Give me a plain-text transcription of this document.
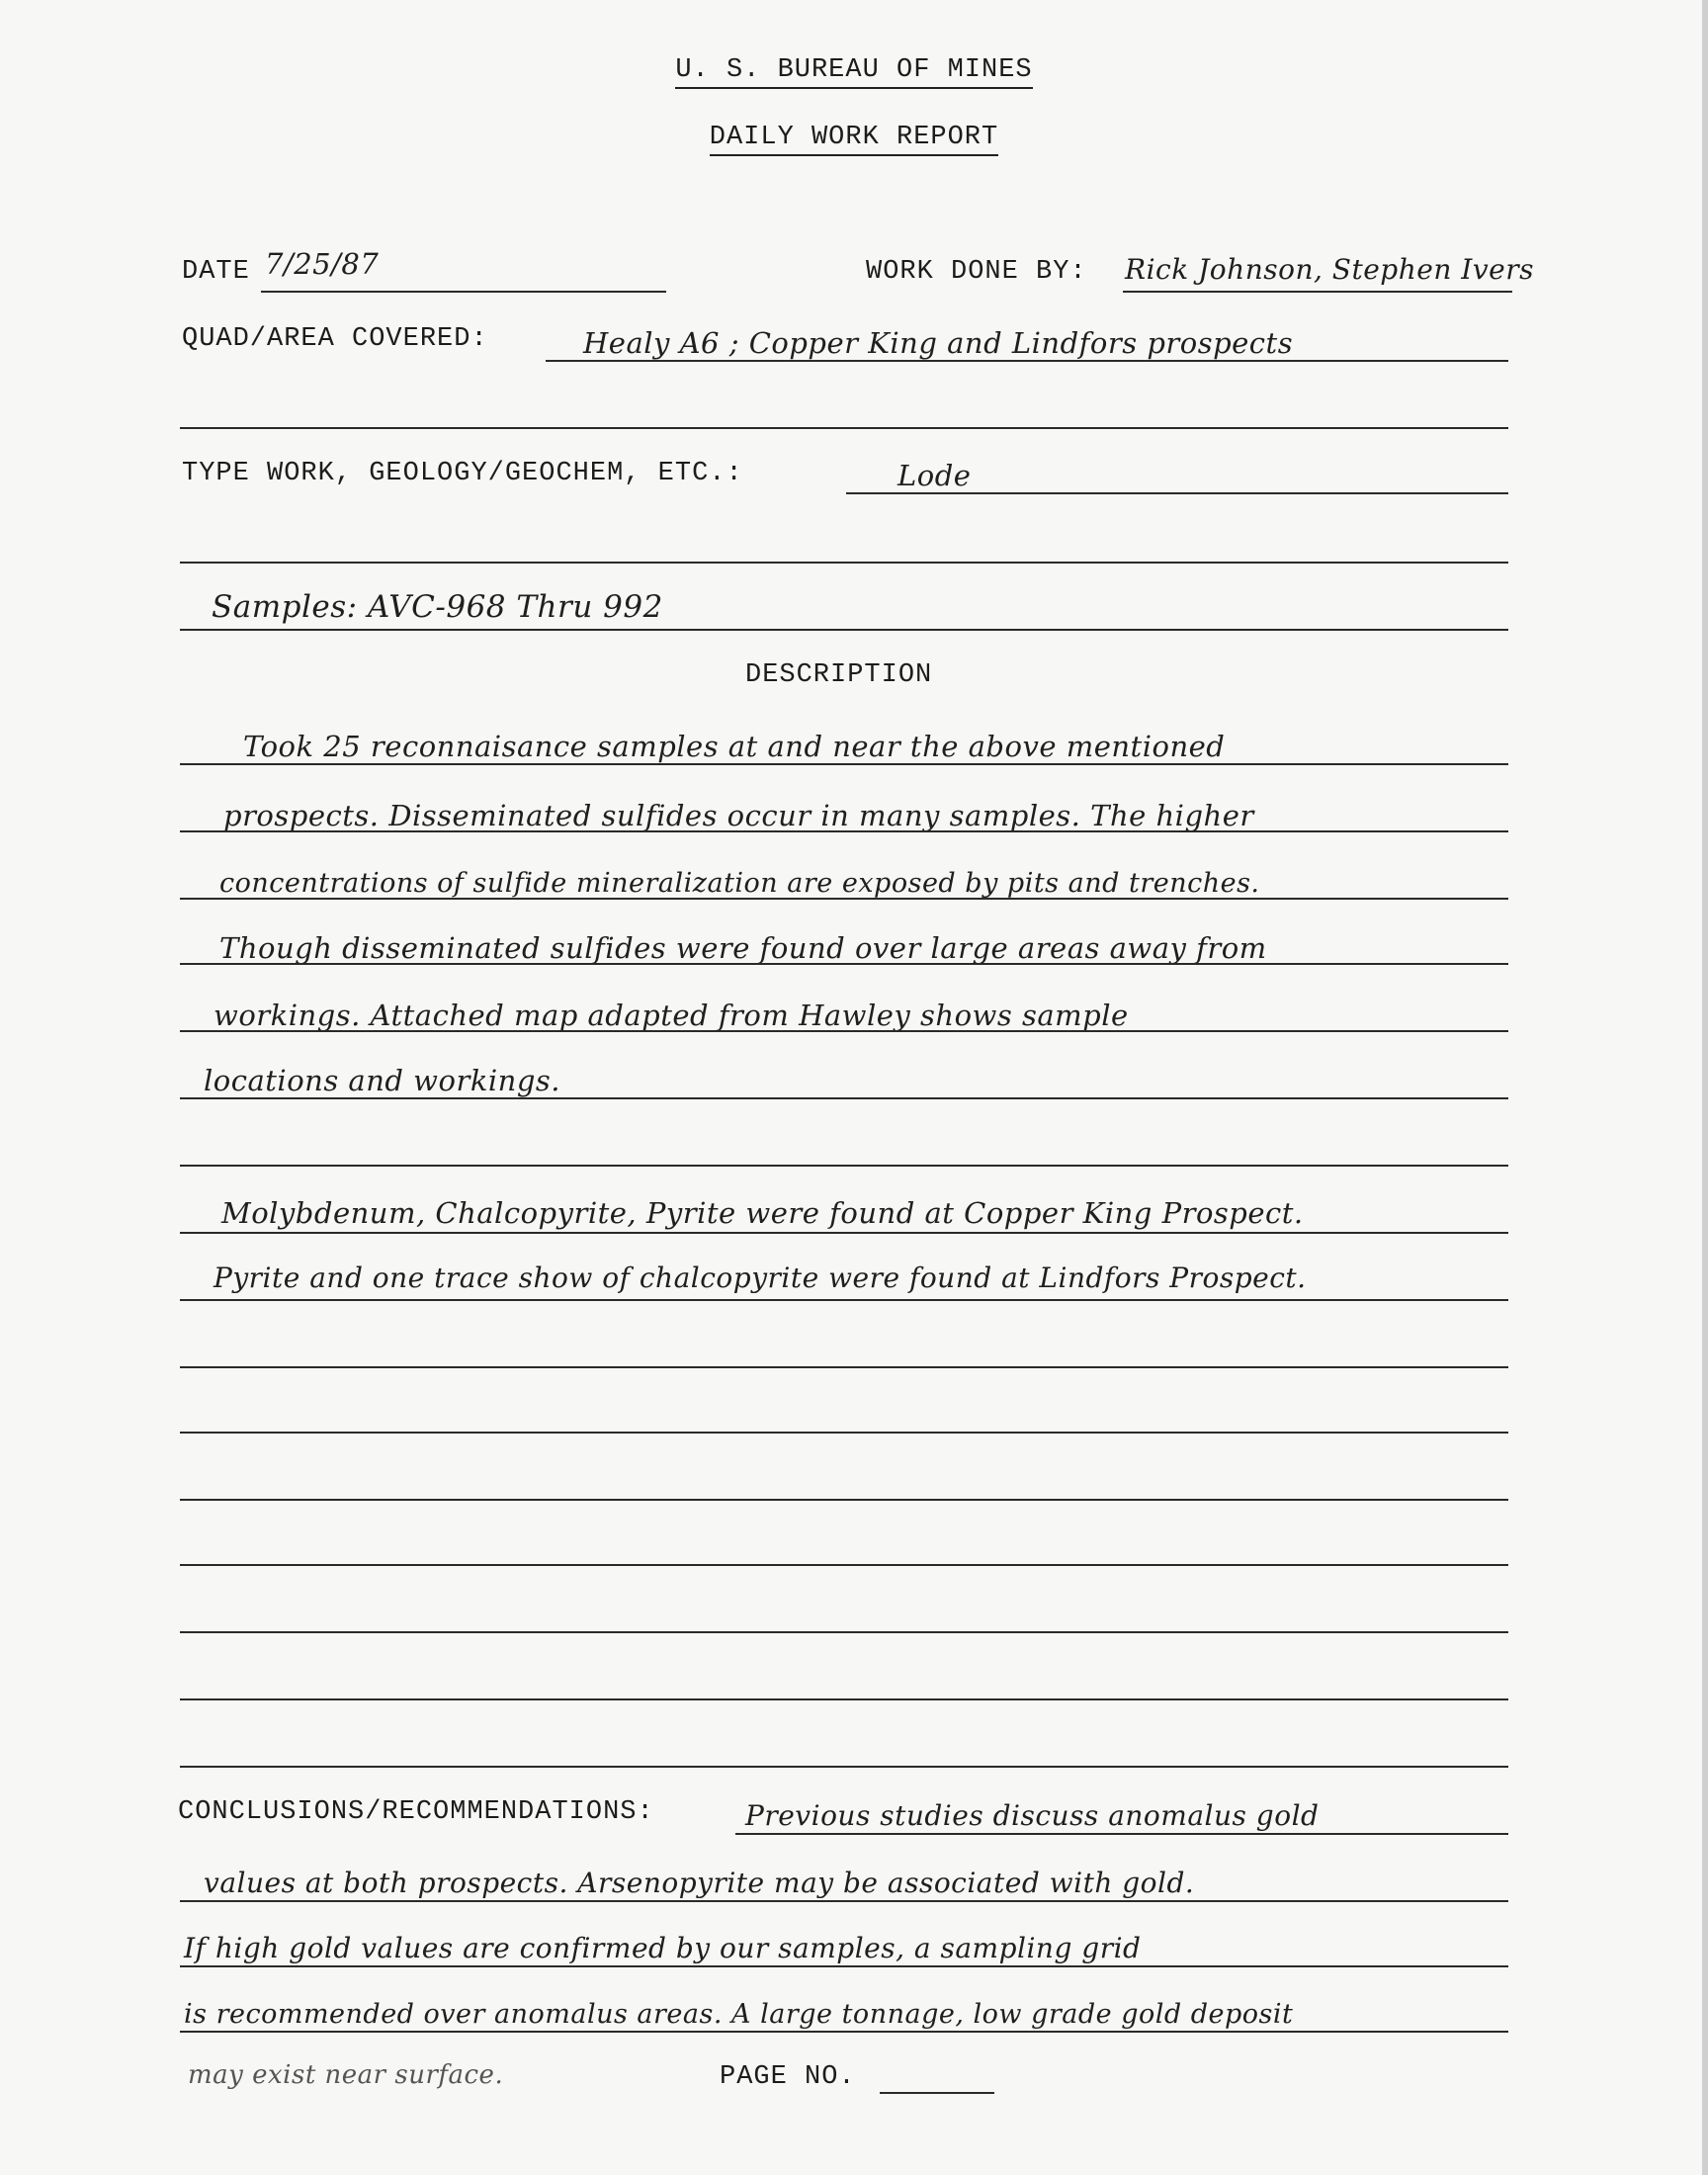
U. S. BUREAU OF MINES
DAILY WORK REPORT
DATE 7/25/87	WORK DONE BY: Rick Johnson, Stephen Ivers
QUAD/AREA COVERED:	Healy A6 ; Copper King and Lindfors prospects
TYPE WORK, GEOLOGY/GEOCHEM, ETC.:	Lode
Samples: AVC-968 Thru 992
DESCRIPTION
Took 25 reconnaisance samples at and near the above mentioned
prospects. Disseminated sulfides occur in many samples. The higher
concentrations of sulfide mineralization are exposed by pits and trenches.
Though disseminated sulfides were found over large areas away from
workings. Attached map adapted from Hawley shows sample
locations and workings.
Molybdenum, Chalcopyrite, Pyrite were found at Copper King Prospect.
Pyrite and one trace show of chalcopyrite were found at Lindfors Prospect.
CONCLUSIONS/RECOMMENDATIONS:	Previous studies discuss anomalus gold
values at both prospects. Arsenopyrite may be associated with gold.
If high gold values are confirmed by our samples, a sampling grid
is recommended over anomalus areas. A large tonnage, low grade gold deposit
may exist near surface.	PAGE NO.
